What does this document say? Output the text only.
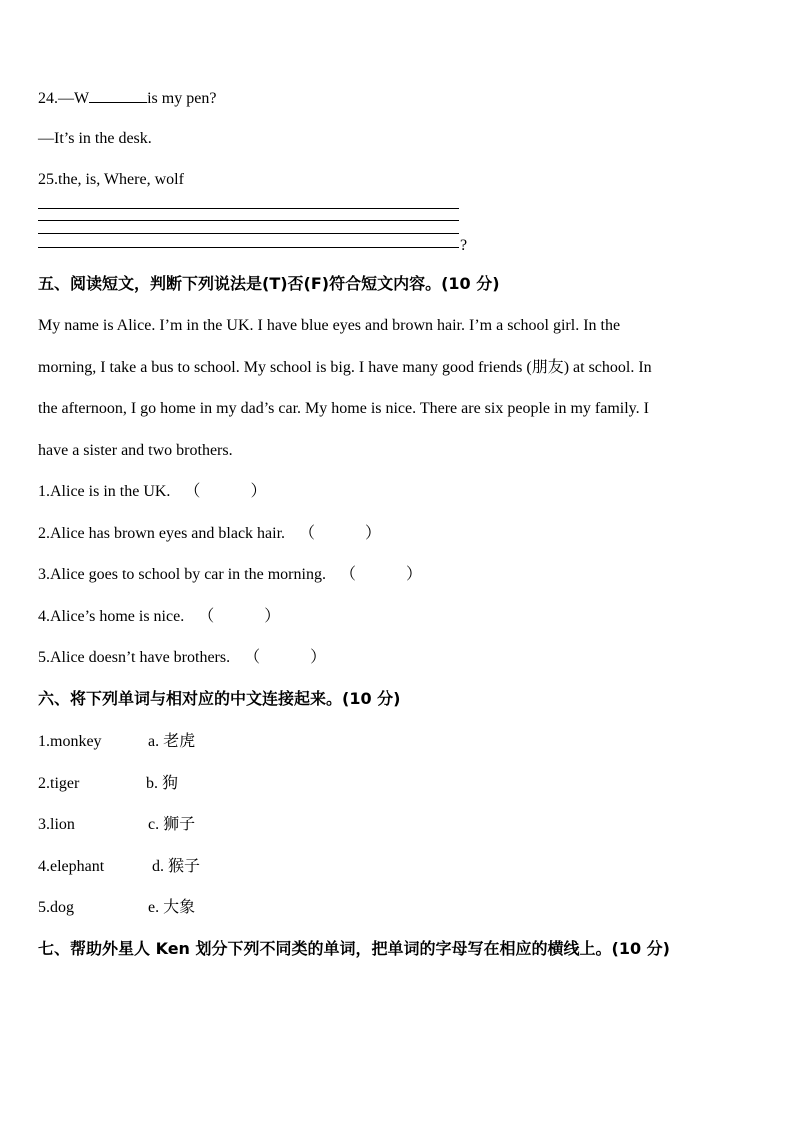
24.—W	is my pen?
—It’s in the desk.
25.the, is, Where, wolf
?
五、阅读短文，判断下列说法是(T)否(F)符合短文内容。(10 分)
My name is Alice. I’m in the UK. I have blue eyes and brown hair. I’m a school girl. In the
morning, I take a bus to school. My school is big. I have many good friends (朋友) at school. In
the afternoon, I go home in my dad’s car. My home is nice. There are six people in my family. I
have a sister and two brothers.
1.Alice is in the UK. （	）
2.Alice has brown eyes and black hair. （	）
3.Alice goes to school by car in the morning. （	）
4.Alice’s home is nice. （	）
5.Alice doesn’t have brothers. （	）
六、将下列单词与相对应的中文连接起来。(10 分)
1.monkey	a. 老虎
2.tiger	b. 狗
3.lion	c. 狮子
4.elephant	d. 猴子
5.dog	e. 大象
七、帮助外星人 Ken 划分下列不同类的单词，把单词的字母写在相应的横线上。(10 分)
